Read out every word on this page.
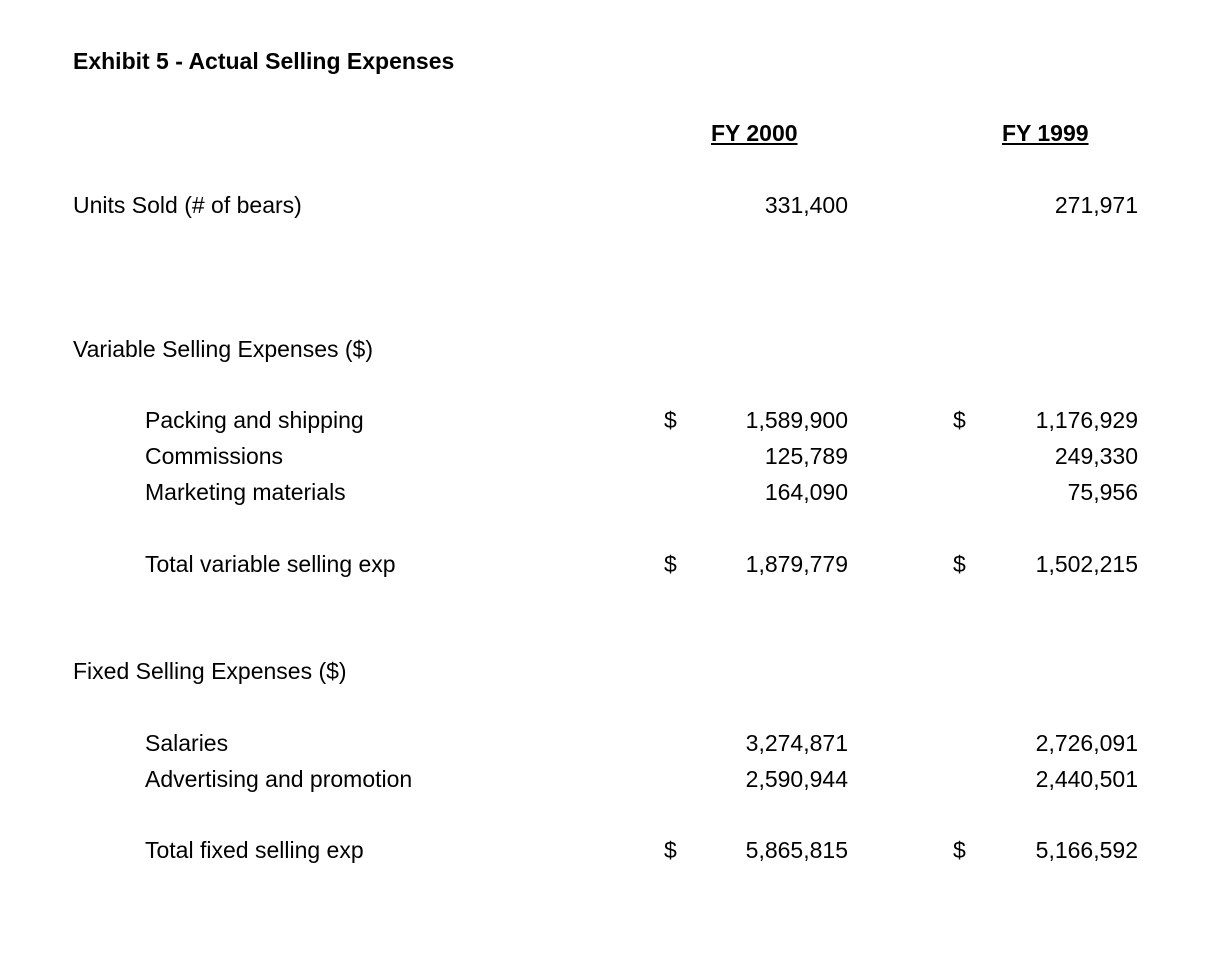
Exhibit 5 - Actual Selling Expenses
FY 2000	FY 1999
Units Sold (# of bears)	331,400	271,971
Variable Selling Expenses ($)
Packing and shipping	$	1,589,900	$	1,176,929
Commissions	125,789	249,330
Marketing materials	164,090	75,956
Total variable selling exp	$	1,879,779	$	1,502,215
Fixed Selling Expenses ($)
Salaries	3,274,871	2,726,091
Advertising and promotion	2,590,944	2,440,501
Total fixed selling exp	$	5,865,815	$	5,166,592
